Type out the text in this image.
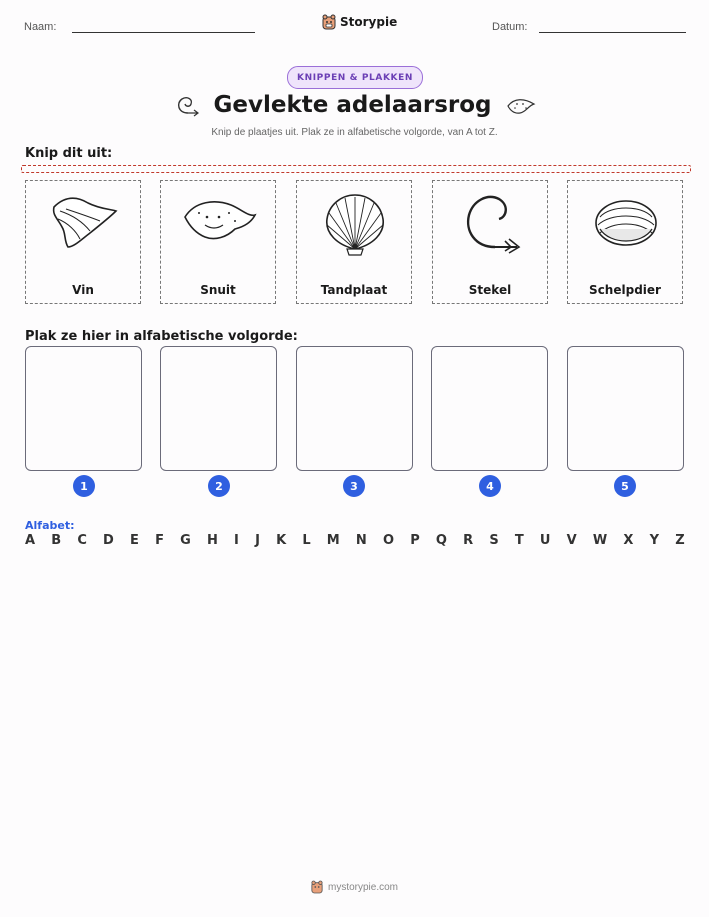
Naam:	Storypie	Datum:
KNIPPEN & PLAKKEN
Gevlekte adelaarsrog
Knip de plaatjes uit. Plak ze in alfabetische volgorde, van A tot Z.
Knip dit uit:
Vin	Snuit	Tandplaat	Stekel	Schelpdier
Plak ze hier in alfabetische volgorde:
1	2	3	4	5
Alfabet:
A B C D E F G H I J K L M N O P Q R S T U V W X Y Z
mystorypie.com
